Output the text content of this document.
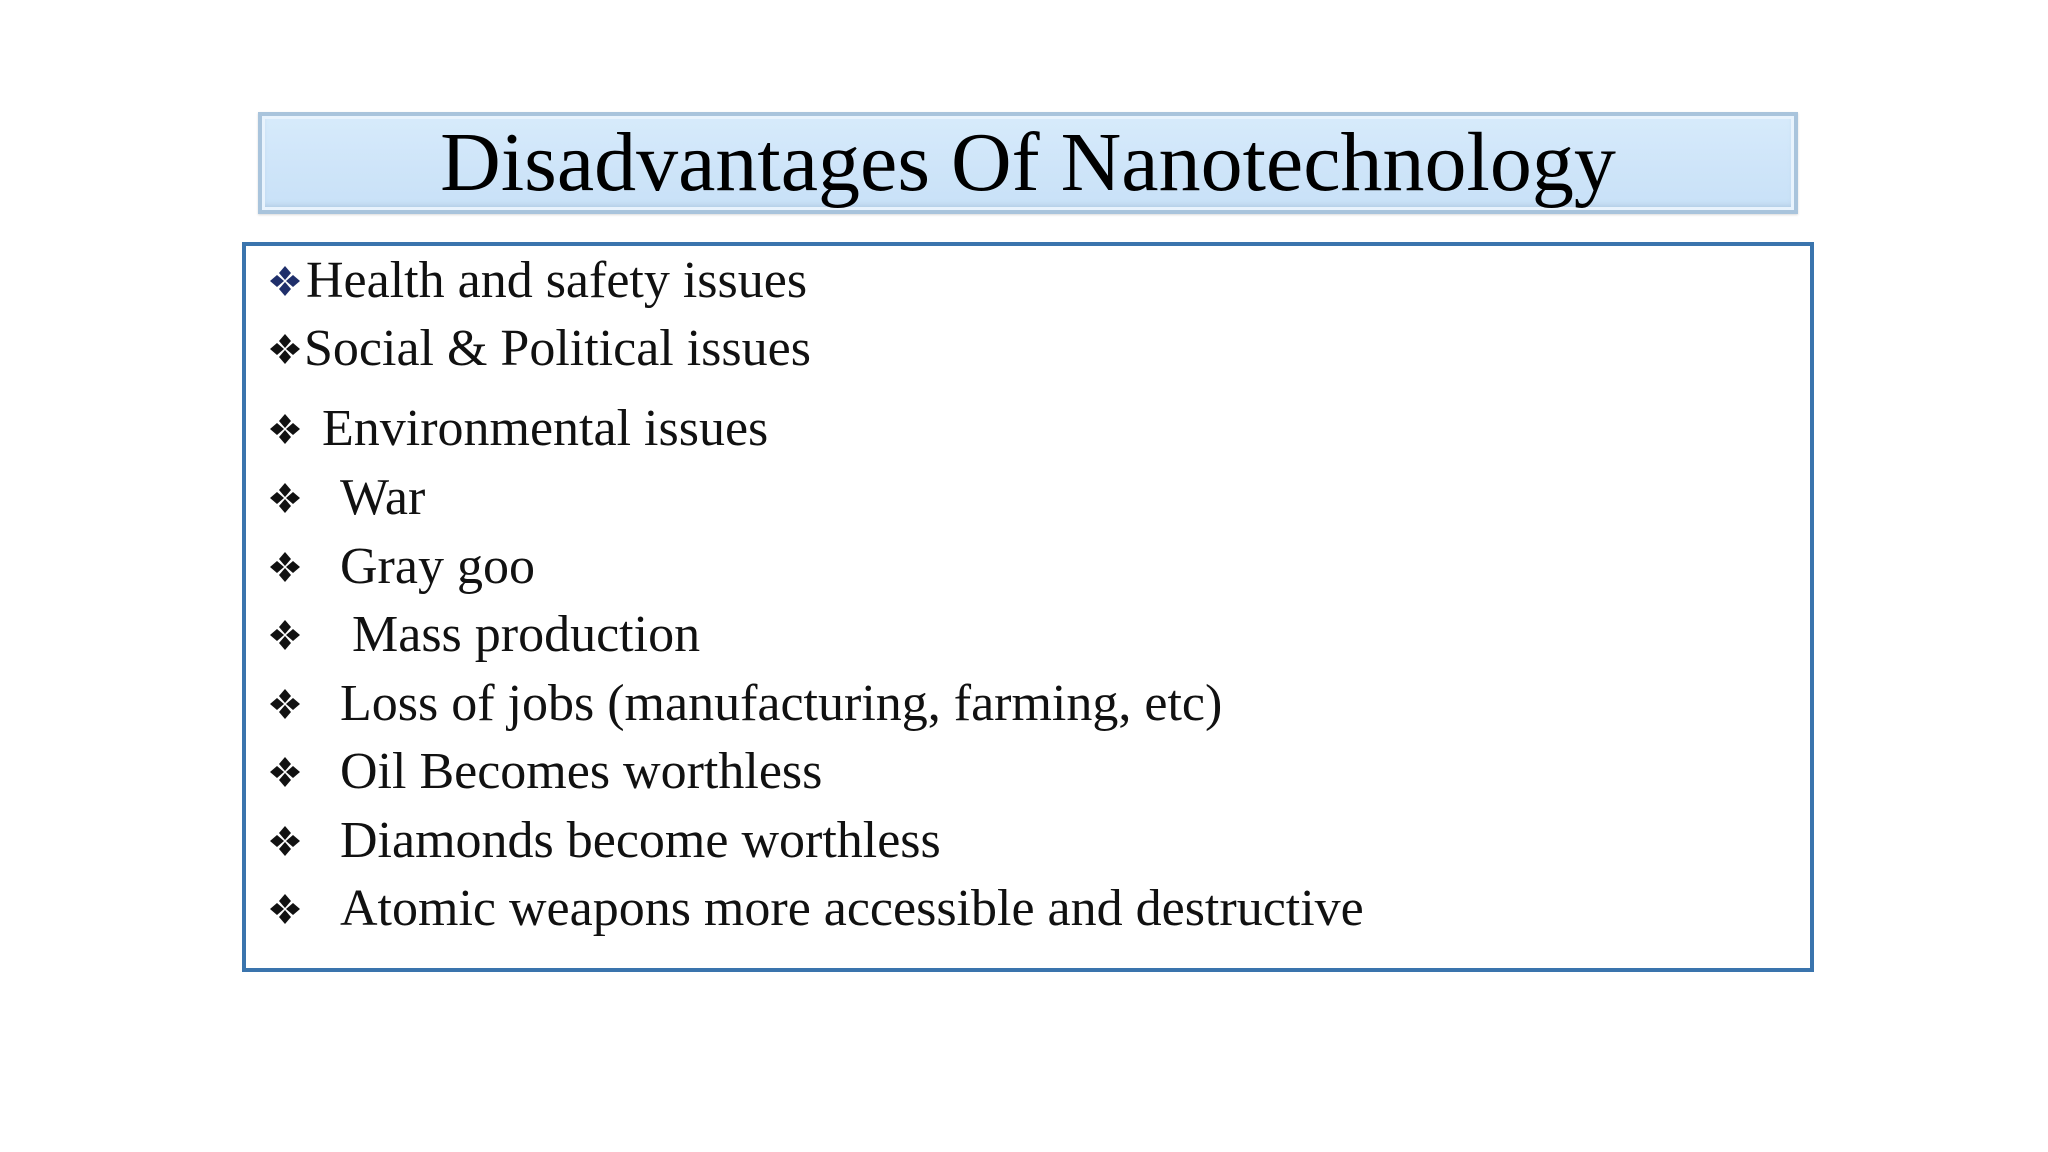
Disadvantages Of Nanotechnology
Health and safety issues
Social & Political issues
Environmental issues
War
Gray goo
Mass production
Loss of jobs (manufacturing, farming, etc)
Oil Becomes worthless
Diamonds become worthless
Atomic weapons more accessible and destructive
